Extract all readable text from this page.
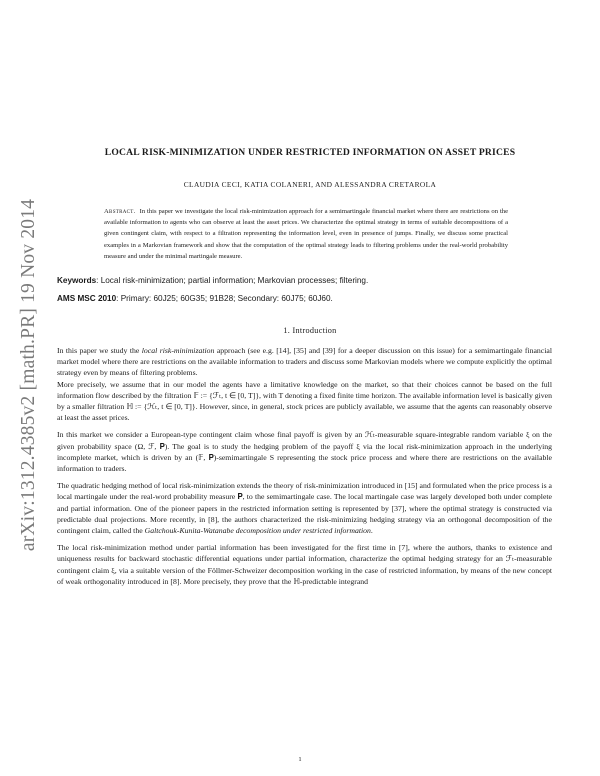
arXiv:1312.4385v2 [math.PR] 19 Nov 2014
LOCAL RISK-MINIMIZATION UNDER RESTRICTED INFORMATION ON ASSET PRICES
CLAUDIA CECI, KATIA COLANERI, AND ALESSANDRA CRETAROLA
Abstract. In this paper we investigate the local risk-minimization approach for a semimartingale financial market where there are restrictions on the available information to agents who can observe at least the asset prices. We characterize the optimal strategy in terms of suitable decompositions of a given contingent claim, with respect to a filtration representing the information level, even in presence of jumps. Finally, we discuss some practical examples in a Markovian framework and show that the computation of the optimal strategy leads to filtering problems under the real-world probability measure and under the minimal martingale measure.
Keywords: Local risk-minimization; partial information; Markovian processes; filtering.
AMS MSC 2010: Primary: 60J25; 60G35; 91B28; Secondary: 60J75; 60J60.
1. Introduction

In this paper we study the local risk-minimization approach (see e.g. [14], [35] and [39] for a deeper discussion on this issue) for a semimartingale financial market model where there are restrictions on the available information to traders and discuss some Markovian models where we compute explicitly the optimal strategy even by means of filtering problems.

More precisely, we assume that in our model the agents have a limitative knowledge on the market, so that their choices cannot be based on the full information flow described by the filtration 𝔽 := {ℱₜ, t ∈ [0, T]}, with T denoting a fixed finite time horizon. The available information level is basically given by a smaller filtration ℍ := {ℋₜ, t ∈ [0, T]}. However, since, in general, stock prices are publicly available, we assume that the agents can reasonably observe at least the asset prices.

In this market we consider a European-type contingent claim whose final payoff is given by an ℋₜ-measurable square-integrable random variable ξ on the given probability space (Ω, ℱ, 𝐏). The goal is to study the hedging problem of the payoff ξ via the local risk-minimization approach in the underlying incomplete market, which is driven by an (𝔽, 𝐏)-semimartingale S representing the stock price process and where there are restrictions on the available information to traders.

The quadratic hedging method of local risk-minimization extends the theory of risk-minimization introduced in [15] and formulated when the price process is a local martingale under the real-word probability measure 𝐏, to the semimartingale case. The local martingale case was largely developed both under complete and partial information. One of the pioneer papers in the restricted information setting is represented by [37], where the optimal strategy is constructed via predictable dual projections. More recently, in [8], the authors characterized the risk-minimizing hedging strategy via an orthogonal decomposition of the contingent claim, called the Galtchouk-Kunita-Watanabe decomposition under restricted information.

The local risk-minimization method under partial information has been investigated for the first time in [7], where the authors, thanks to existence and uniqueness results for backward stochastic differential equations under partial information, characterize the optimal hedging strategy for an ℱₜ-measurable contingent claim ξ, via a suitable version of the Föllmer-Schweizer decomposition working in the case of restricted information, by means of the new concept of weak orthogonality introduced in [8]. More precisely, they prove that the ℍ-predictable integrand

1
